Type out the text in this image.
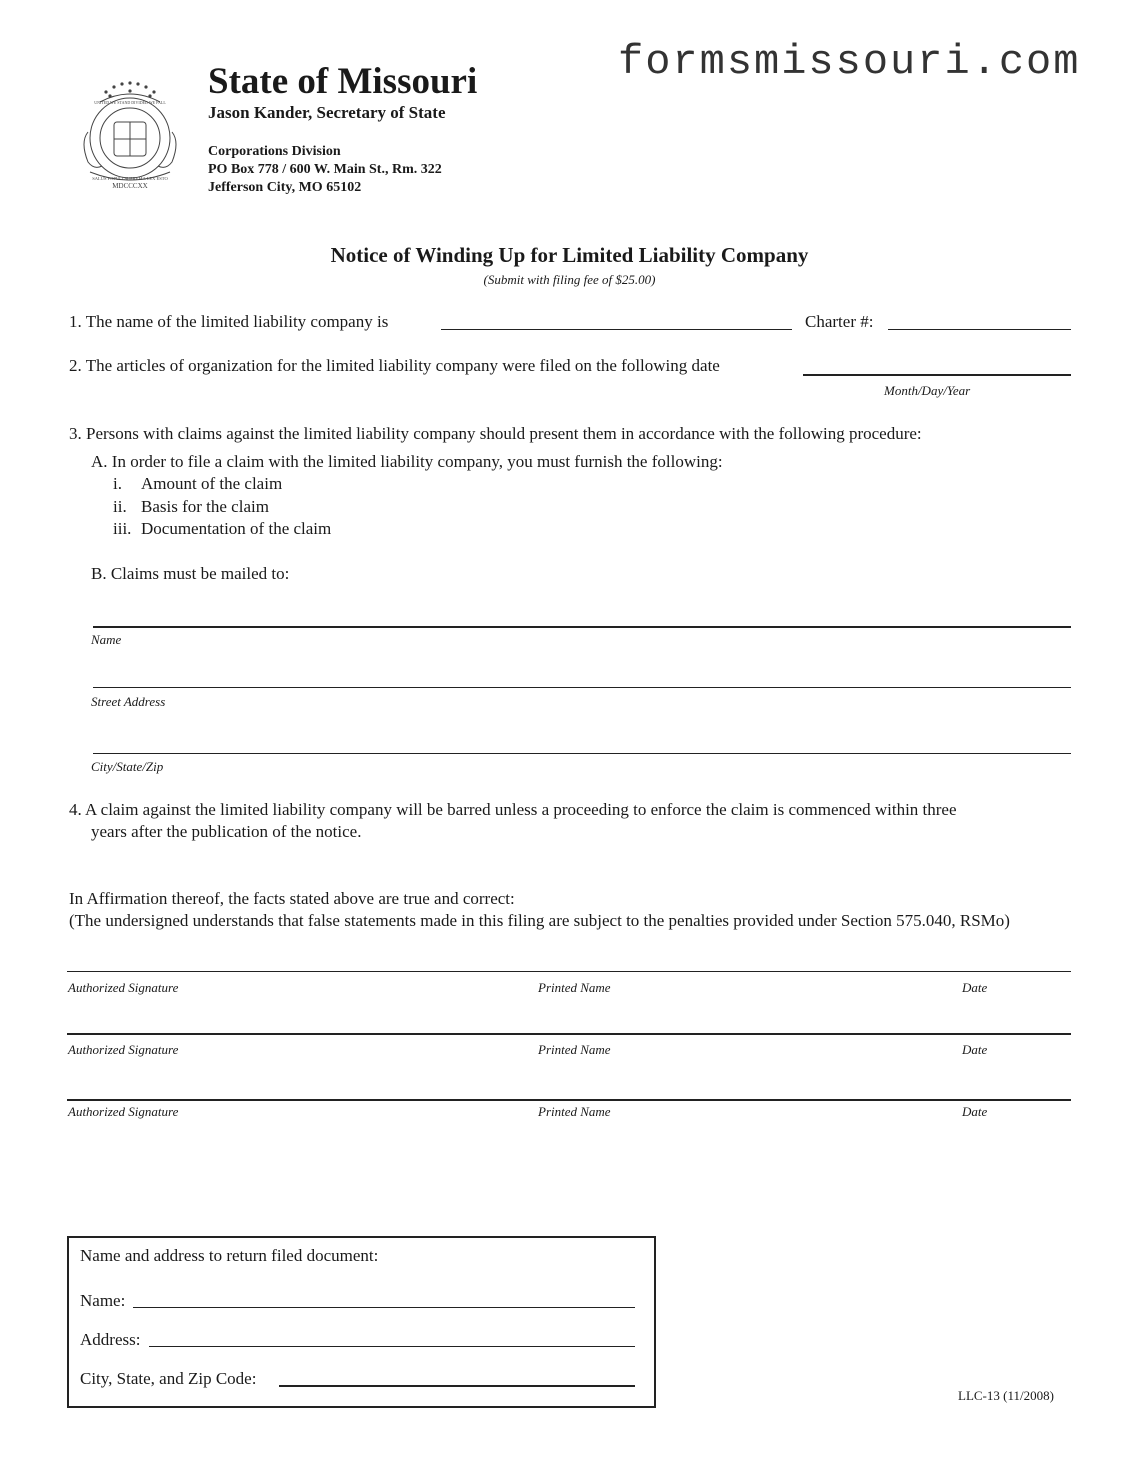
formsmissouri.com
MDCCCXX
SALUS POPULI SUPREMA LEX ESTO
UNITED WE STAND DIVIDED WE FALL
State of Missouri
Jason Kander, Secretary of State
Corporations Division
PO Box 778 / 600 W. Main St., Rm. 322
Jefferson City, MO 65102
Notice of Winding Up for Limited Liability Company
(Submit with filing fee of $25.00)
1. The name of the limited liability company is	Charter #:
2. The articles of organization for the limited liability company were filed on the following date
Month/Day/Year
3. Persons with claims against the limited liability company should present them in accordance with the following procedure:
A. In order to file a claim with the limited liability company, you must furnish the following:
i. Amount of the claim
ii. Basis for the claim
iii. Documentation of the claim
B. Claims must be mailed to:
Name
Street Address
City/State/Zip
4. A claim against the limited liability company will be barred unless a proceeding to enforce the claim is commenced within three
years after the publication of the notice.
In Affirmation thereof, the facts stated above are true and correct:
(The undersigned understands that false statements made in this filing are subject to the penalties provided under Section 575.040, RSMo)
Authorized Signature	Printed Name	Date
Authorized Signature	Printed Name	Date
Authorized Signature	Printed Name	Date
Name and address to return filed document:
Name:
Address:
City, State, and Zip Code:
LLC-13 (11/2008)
